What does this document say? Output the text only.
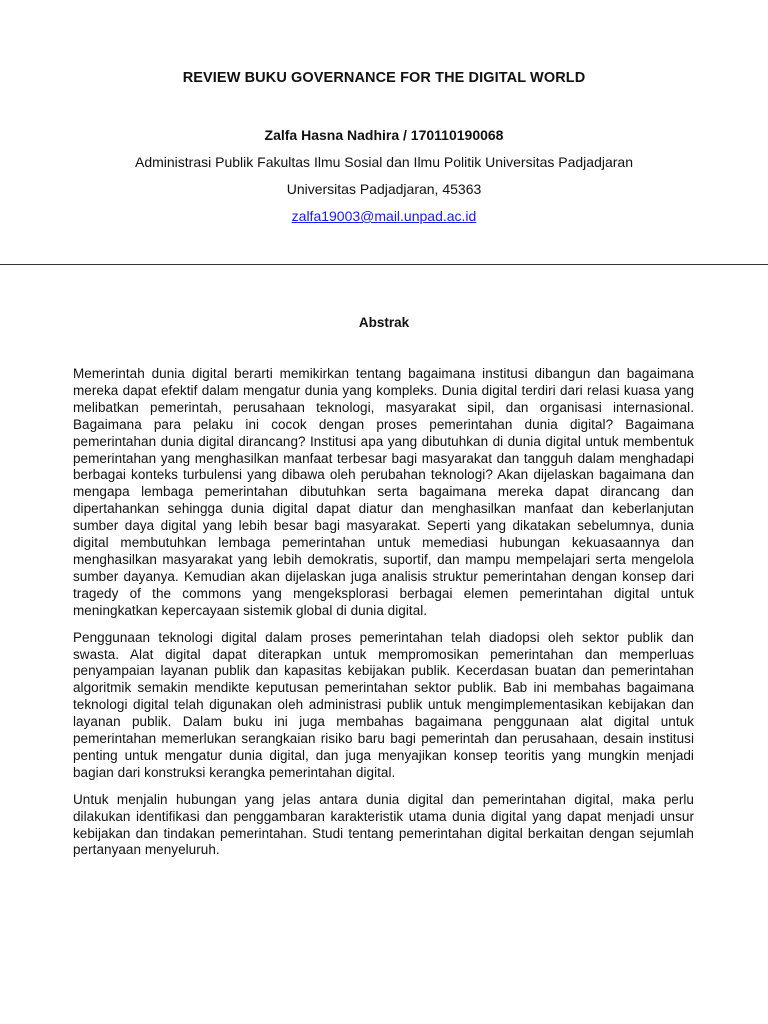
REVIEW BUKU GOVERNANCE FOR THE DIGITAL WORLD
Zalfa Hasna Nadhira / 170110190068
Administrasi Publik Fakultas Ilmu Sosial dan Ilmu Politik Universitas Padjadjaran
Universitas Padjadjaran, 45363
zalfa19003@mail.unpad.ac.id
Abstrak

Memerintah dunia digital berarti memikirkan tentang bagaimana institusi dibangun dan bagaimana mereka dapat efektif dalam mengatur dunia yang kompleks. Dunia digital terdiri dari relasi kuasa yang melibatkan pemerintah, perusahaan teknologi, masyarakat sipil, dan organisasi internasional. Bagaimana para pelaku ini cocok dengan proses pemerintahan dunia digital? Bagaimana pemerintahan dunia digital dirancang? Institusi apa yang dibutuhkan di dunia digital untuk membentuk pemerintahan yang menghasilkan manfaat terbesar bagi masyarakat dan tangguh dalam menghadapi berbagai konteks turbulensi yang dibawa oleh perubahan teknologi? Akan dijelaskan bagaimana dan mengapa lembaga pemerintahan dibutuhkan serta bagaimana mereka dapat dirancang dan dipertahankan sehingga dunia digital dapat diatur dan menghasilkan manfaat dan keberlanjutan sumber daya digital yang lebih besar bagi masyarakat. Seperti yang dikatakan sebelumnya, dunia digital membutuhkan lembaga pemerintahan untuk memediasi hubungan kekuasaannya dan menghasilkan masyarakat yang lebih demokratis, suportif, dan mampu mempelajari serta mengelola sumber dayanya. Kemudian akan dijelaskan juga analisis struktur pemerintahan dengan konsep dari tragedy of the commons yang mengeksplorasi berbagai elemen pemerintahan digital untuk meningkatkan kepercayaan sistemik global di dunia digital.

Penggunaan teknologi digital dalam proses pemerintahan telah diadopsi oleh sektor publik dan swasta. Alat digital dapat diterapkan untuk mempromosikan pemerintahan dan memperluas penyampaian layanan publik dan kapasitas kebijakan publik. Kecerdasan buatan dan pemerintahan algoritmik semakin mendikte keputusan pemerintahan sektor publik. Bab ini membahas bagaimana teknologi digital telah digunakan oleh administrasi publik untuk mengimplementasikan kebijakan dan layanan publik. Dalam buku ini juga membahas bagaimana penggunaan alat digital untuk pemerintahan memerlukan serangkaian risiko baru bagi pemerintah dan perusahaan, desain institusi penting untuk mengatur dunia digital, dan juga menyajikan konsep teoritis yang mungkin menjadi bagian dari konstruksi kerangka pemerintahan digital.

Untuk menjalin hubungan yang jelas antara dunia digital dan pemerintahan digital, maka perlu dilakukan identifikasi dan penggambaran karakteristik utama dunia digital yang dapat menjadi unsur kebijakan dan tindakan pemerintahan. Studi tentang pemerintahan digital berkaitan dengan sejumlah pertanyaan menyeluruh.
